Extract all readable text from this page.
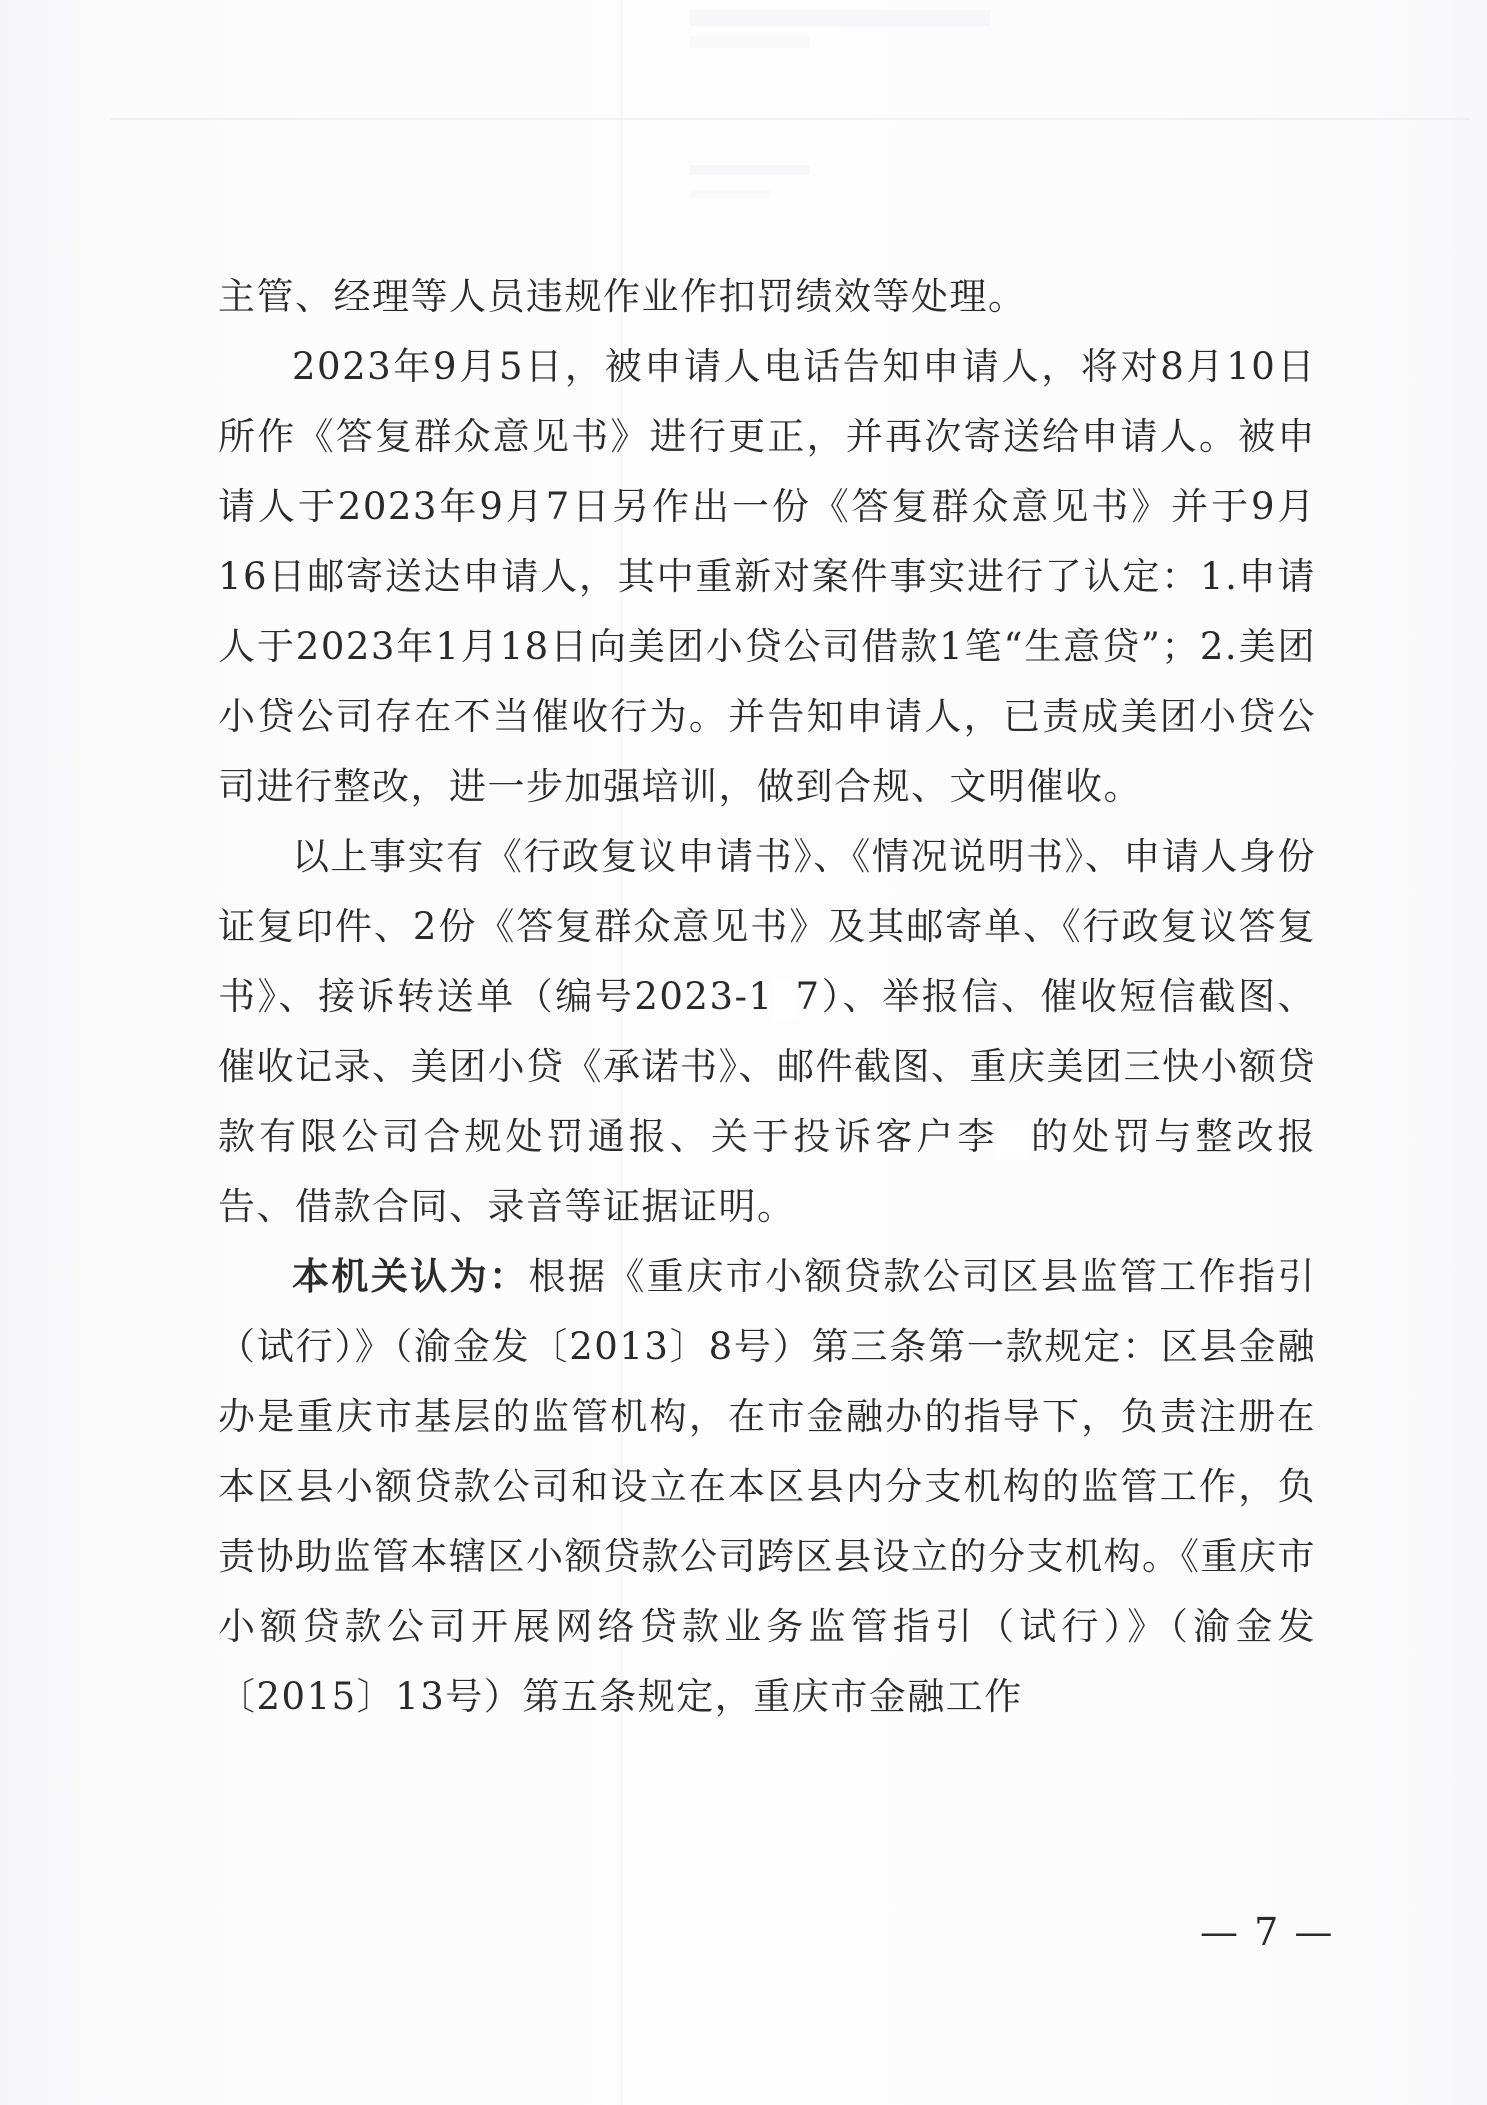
主管、经理等人员违规作业作扣罚绩效等处理。

2023年9月5日，被申请人电话告知申请人，将对8月10日所作《答复群众意见书》进行更正，并再次寄送给申请人。被申请人于2023年9月7日另作出一份《答复群众意见书》并于9月16日邮寄送达申请人，其中重新对案件事实进行了认定：1.申请人于2023年1月18日向美团小贷公司借款1笔“生意贷”；2.美团小贷公司存在不当催收行为。并告知申请人，已责成美团小贷公司进行整改，进一步加强培训，做到合规、文明催收。

以上事实有《行政复议申请书》、《情况说明书》、申请人身份证复印件、2份《答复群众意见书》及其邮寄单、《行政复议答复书》、接诉转送单（编号2023-1 7）、举报信、催收短信截图、催收记录、美团小贷《承诺书》、邮件截图、重庆美团三快小额贷款有限公司合规处罚通报、关于投诉客户李 的处罚与整改报告、借款合同、录音等证据证明。

本机关认为：根据《重庆市小额贷款公司区县监管工作指引（试行）》（渝金发〔2013〕8号）第三条第一款规定：区县金融办是重庆市基层的监管机构，在市金融办的指导下，负责注册在本区县小额贷款公司和设立在本区县内分支机构的监管工作，负责协助监管本辖区小额贷款公司跨区县设立的分支机构。《重庆市小额贷款公司开展网络贷款业务监管指引（试行）》（渝金发〔2015〕13号）第五条规定，重庆市金融工作

— 7 —
